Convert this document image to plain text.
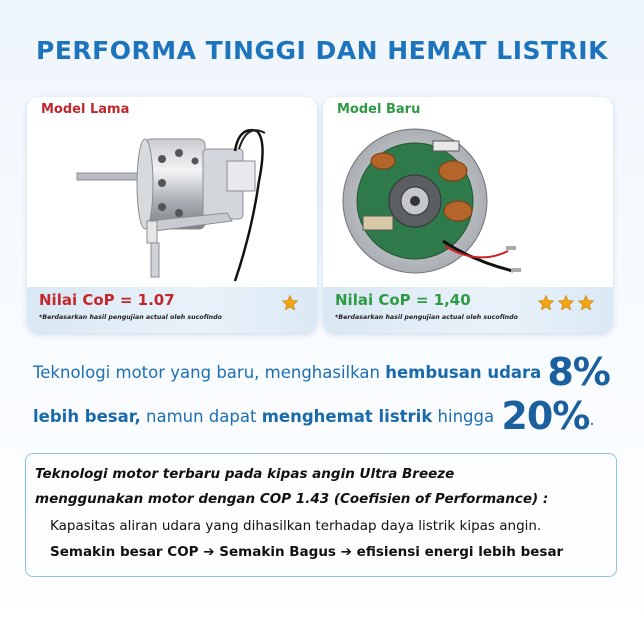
PERFORMA TINGGI DAN HEMAT LISTRIK
Model Lama
Nilai CoP = 1.07
*Berdasarkan hasil pengujian actual oleh sucofindo
Model Baru
Nilai CoP = 1,40
*Berdasarkan hasil pengujian actual oleh sucofindo
Teknologi motor yang baru, menghasilkan hembusan udara 8%
lebih besar, namun dapat menghemat listrik hingga 20% .
Teknologi motor terbaru pada kipas angin Ultra Breeze
menggunakan motor dengan COP 1.43 (Coefisien of Performance) :
Kapasitas aliran udara yang dihasilkan terhadap daya listrik kipas angin.
Semakin besar COP ➔ Semakin Bagus ➔ efisiensi energi lebih besar
